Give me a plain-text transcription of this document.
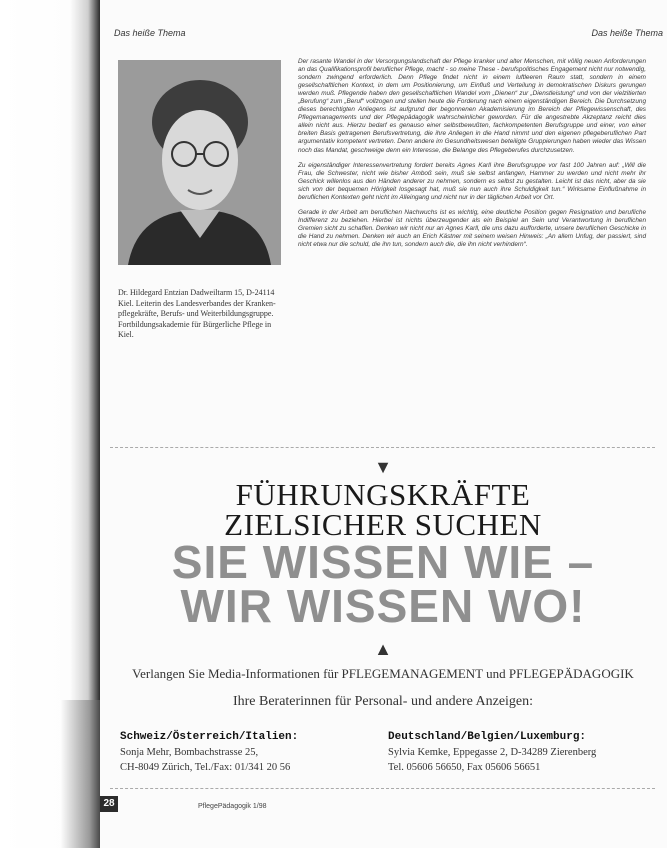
Das heiße Thema	Das heiße Thema
Dr. Hildegard Entzian Dadweiltarm 15, D-24114 Kiel. Leiterin des Landesverbandes der Krankenpflegekräfte, Berufs- und Weiterbildungsgruppe. Fortbildungsakademie für Bürgerliche Pflege in Kiel.

Der rasante Wandel in der Versorgungslandschaft der Pflege kranker und alter Menschen, mit völlig neuen Anforderungen an das Qualifikationsprofil beruflicher Pflege, macht - so meine These - berufspolitisches Engagement nicht nur notwendig, sondern zwingend erforderlich. Denn Pflege findet nicht in einem luftleeren Raum statt, sondern in einem gesellschaftlichen Kontext, in dem um Positionierung, um Einfluß und Verteilung in demokratischen Diskurs gerungen werden muß. Pflegende haben den gesellschaftlichen Wandel vom „Dienen“ zur „Dienstleistung“ und von der vielzitierten „Berufung“ zum „Beruf“ vollzogen und stellen heute die Forderung nach einem eigenständigen Bereich. Die Durchsetzung dieses berechtigten Anliegens ist aufgrund der begonnenen Akademisierung im Bereich der Pflegewissenschaft, des Pflegemanagements und der Pflegepädagogik wahrscheinlicher geworden. Für die angestrebte Akzeptanz reicht dies allein nicht aus. Hierzu bedarf es genauso einer selbstbewußten, fachkompetenten Berufsgruppe und einer, von einer breiten Basis getragenen Berufsvertretung, die ihre Anliegen in die Hand nimmt und den eigenen pflegeberuflichen Part argumentativ kompetent vertreten. Denn andere im Gesundheitswesen beteiligte Gruppierungen haben wieder das Wissen noch das Mandat, geschweige denn ein Interesse, die Belange des Pflegeberufes durchzusetzen.

Zu eigenständiger Interessenvertretung fordert bereits Agnes Karll ihre Berufsgruppe vor fast 100 Jahren auf: „Will die Frau, die Schwester, nicht wie bisher Amboß sein, muß sie selbst anfangen, Hammer zu werden und nicht mehr ihr Geschick willenlos aus den Händen anderer zu nehmen, sondern es selbst zu gestalten. Leicht ist das nicht, aber da sie sich von der bequemen Hörigkeit losgesagt hat, muß sie nun auch ihre Schuldigkeit tun.“ Wirksame Einflußnahme in beruflichen Kontexten geht nicht im Alleingang und nicht nur in der täglichen Arbeit vor Ort.

Gerade in der Arbeit am beruflichen Nachwuchs ist es wichtig, eine deutliche Position gegen Resignation und berufliche Indifferenz zu beziehen. Hierbei ist nichts überzeugender als ein Beispiel an Sein und Verantwortung in beruflichen Gremien sicht zu schaffen. Denken wir nicht nur an Agnes Karll, die uns dazu aufforderte, unsere beruflichen Geschicke in die Hand zu nehmen. Denken wir auch an Erich Kästner mit seinem weisen Hinweis: „An allem Unfug, der passiert, sind nicht etwa nur die schuld, die ihn tun, sondern auch die, die ihn nicht verhindern“.

▼
FÜHRUNGSKRÄFTE
ZIELSICHER SUCHEN
SIE WISSEN WIE –
WIR WISSEN WO!
▲
Verlangen Sie Media-Informationen für PFLEGEMANAGEMENT und PFLEGEPÄDAGOGIK
Ihre Beraterinnen für Personal- und andere Anzeigen:
Schweiz/Österreich/Italien:
Sonja Mehr, Bombachstrasse 25,
CH-8049 Zürich, Tel./Fax: 01/341 20 56
Deutschland/Belgien/Luxemburg:
Sylvia Kemke, Eppegasse 2, D-34289 Zierenberg
Tel. 05606 56650, Fax 05606 56651
28	PflegePädagogik 1/98
